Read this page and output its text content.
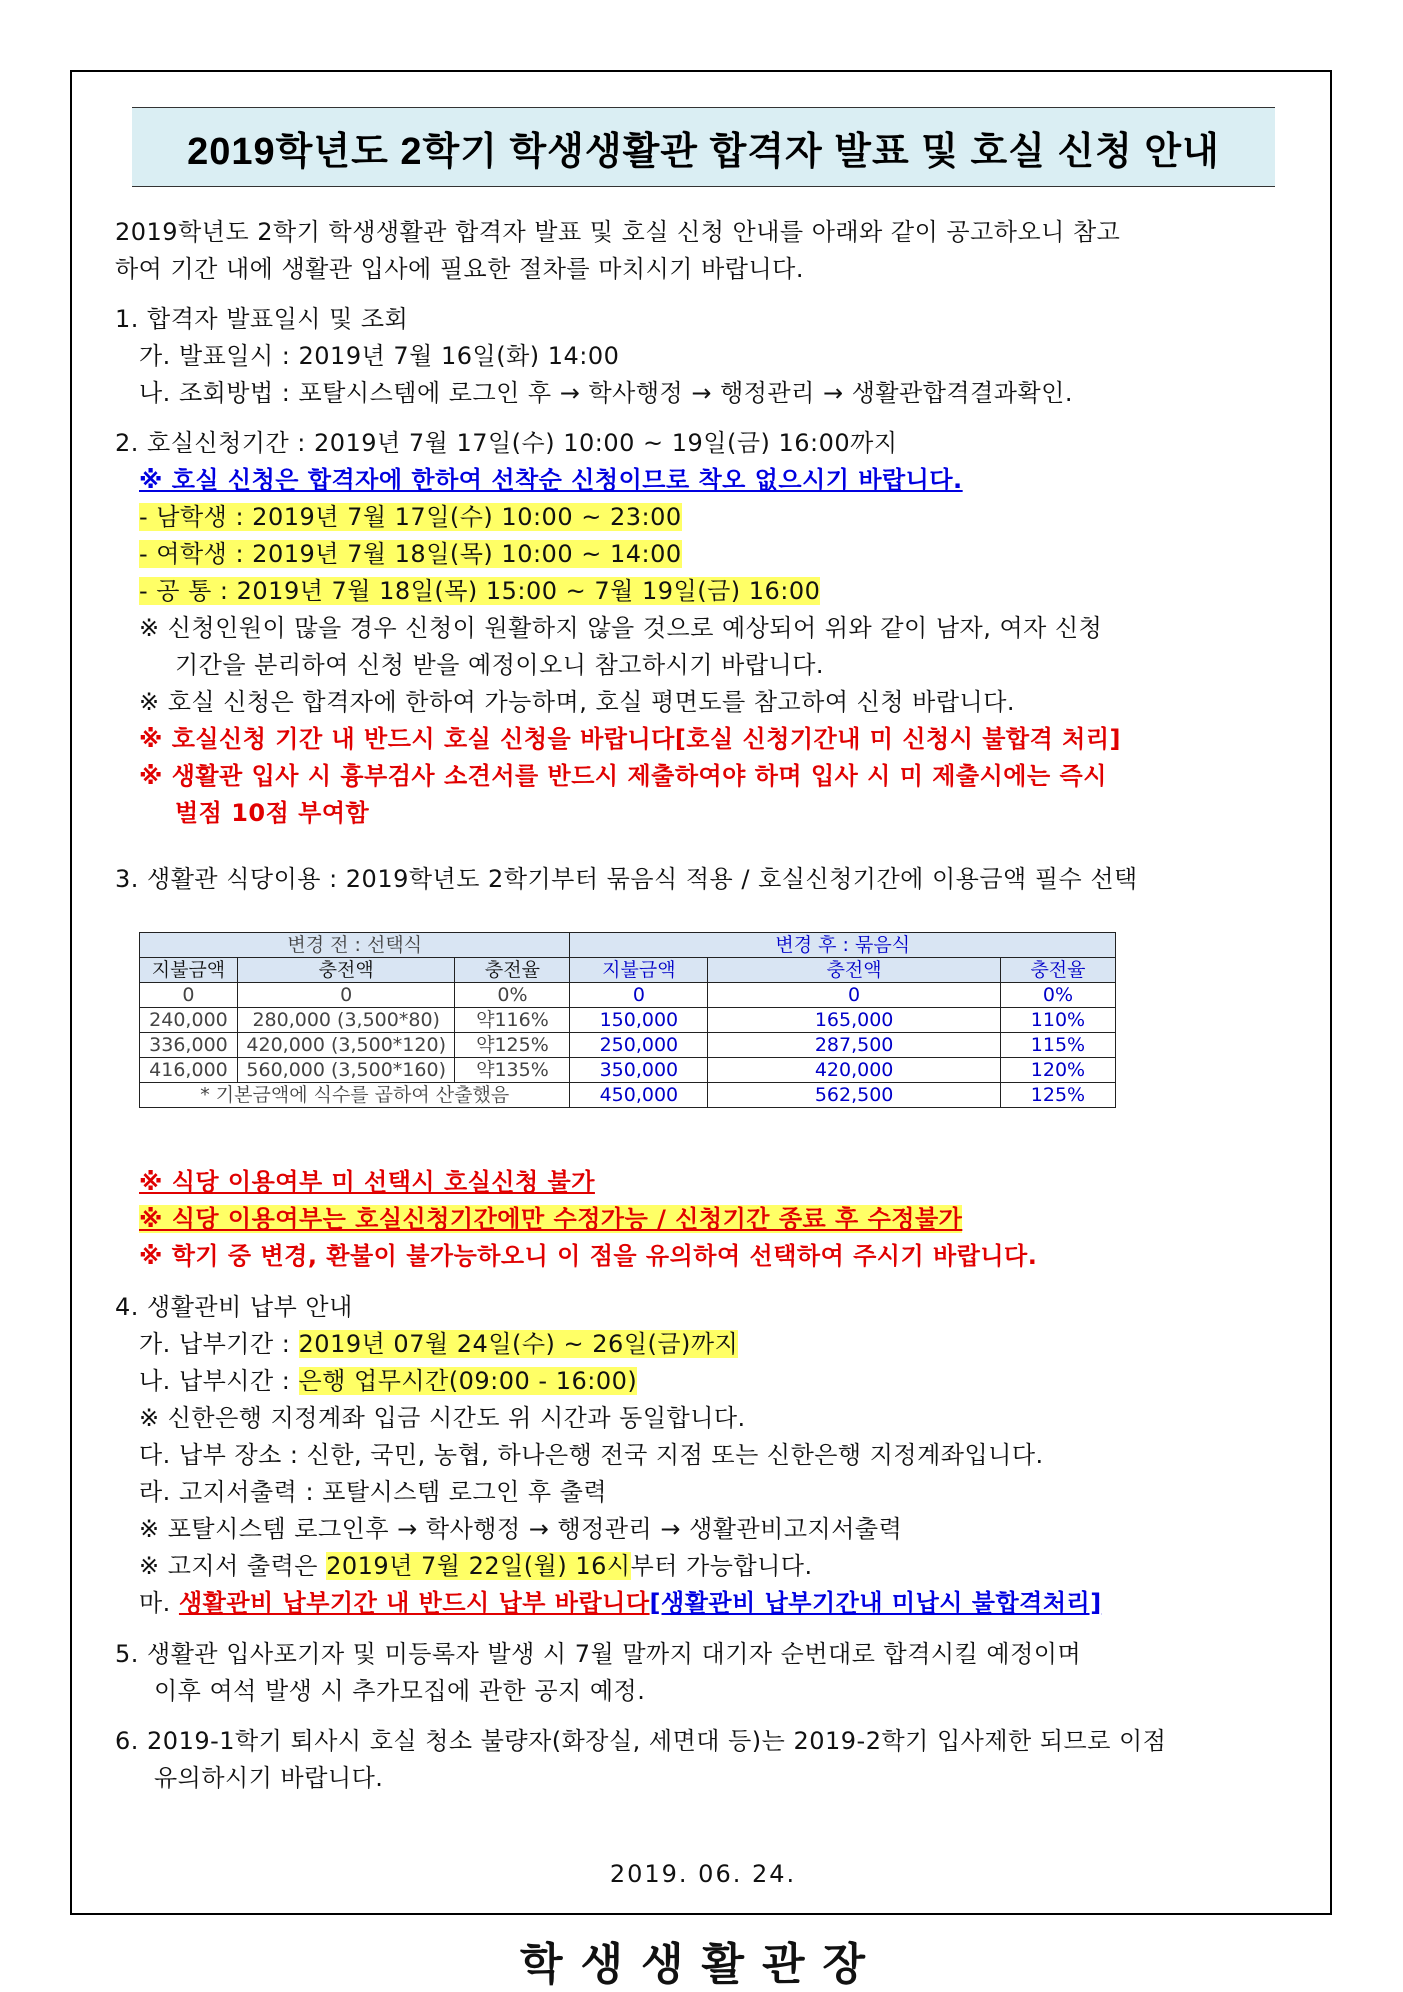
2019학년도 2학기 학생생활관 합격자 발표 및 호실 신청 안내
2019학년도 2학기 학생생활관 합격자 발표 및 호실 신청 안내를 아래와 같이 공고하오니 참고
하여 기간 내에 생활관 입사에 필요한 절차를 마치시기 바랍니다.
1. 합격자 발표일시 및 조회
가. 발표일시 : 2019년 7월 16일(화) 14:00
나. 조회방법 : 포탈시스템에 로그인 후 → 학사행정 → 행정관리 → 생활관합격결과확인.
2. 호실신청기간 : 2019년 7월 17일(수) 10:00 ~ 19일(금) 16:00까지
※ 호실 신청은 합격자에 한하여 선착순 신청이므로 착오 없으시기 바랍니다.
- 남학생 : 2019년 7월 17일(수) 10:00 ~ 23:00
- 여학생 : 2019년 7월 18일(목) 10:00 ~ 14:00
- 공 통 : 2019년 7월 18일(목) 15:00 ~ 7월 19일(금) 16:00
※ 신청인원이 많을 경우 신청이 원활하지 않을 것으로 예상되어 위와 같이 남자, 여자 신청
기간을 분리하여 신청 받을 예정이오니 참고하시기 바랍니다.
※ 호실 신청은 합격자에 한하여 가능하며, 호실 평면도를 참고하여 신청 바랍니다.
※ 호실신청 기간 내 반드시 호실 신청을 바랍니다[호실 신청기간내 미 신청시 불합격 처리]
※ 생활관 입사 시 흉부검사 소견서를 반드시 제출하여야 하며 입사 시 미 제출시에는 즉시
벌점 10점 부여함
3. 생활관 식당이용 : 2019학년도 2학기부터 묶음식 적용 / 호실신청기간에 이용금액 필수 선택
변경 전 : 선택식			변경 후 : 묶음식		
지불금액	충전액	충전율	지불금액	충전액	충전율
0	0	0%	0	0	0%
240,000	280,000 (3,500*80)	약116%	150,000	165,000	110%
336,000	420,000 (3,500*120)	약125%	250,000	287,500	115%
416,000	560,000 (3,500*160)	약135%	350,000	420,000	120%
* 기본금액에 식수를 곱하여 산출했음			450,000	562,500	125%
※ 식당 이용여부 미 선택시 호실신청 불가
※ 식당 이용여부는 호실신청기간에만 수정가능 / 신청기간 종료 후 수정불가
※ 학기 중 변경, 환불이 불가능하오니 이 점을 유의하여 선택하여 주시기 바랍니다.
4. 생활관비 납부 안내
가. 납부기간 : 2019년 07월 24일(수) ~ 26일(금)까지
나. 납부시간 : 은행 업무시간(09:00 - 16:00)
※ 신한은행 지정계좌 입금 시간도 위 시간과 동일합니다.
다. 납부 장소 : 신한, 국민, 농협, 하나은행 전국 지점 또는 신한은행 지정계좌입니다.
라. 고지서출력 : 포탈시스템 로그인 후 출력
※ 포탈시스템 로그인후 → 학사행정 → 행정관리 → 생활관비고지서출력
※ 고지서 출력은 2019년 7월 22일(월) 16시부터 가능합니다.
마. 생활관비 납부기간 내 반드시 납부 바랍니다[생활관비 납부기간내 미납시 불합격처리]
5. 생활관 입사포기자 및 미등록자 발생 시 7월 말까지 대기자 순번대로 합격시킬 예정이며
이후 여석 발생 시 추가모집에 관한 공지 예정.
6. 2019-1학기 퇴사시 호실 청소 불량자(화장실, 세면대 등)는 2019-2학기 입사제한 되므로 이점
유의하시기 바랍니다.
2019. 06. 24.
학생생활관장
